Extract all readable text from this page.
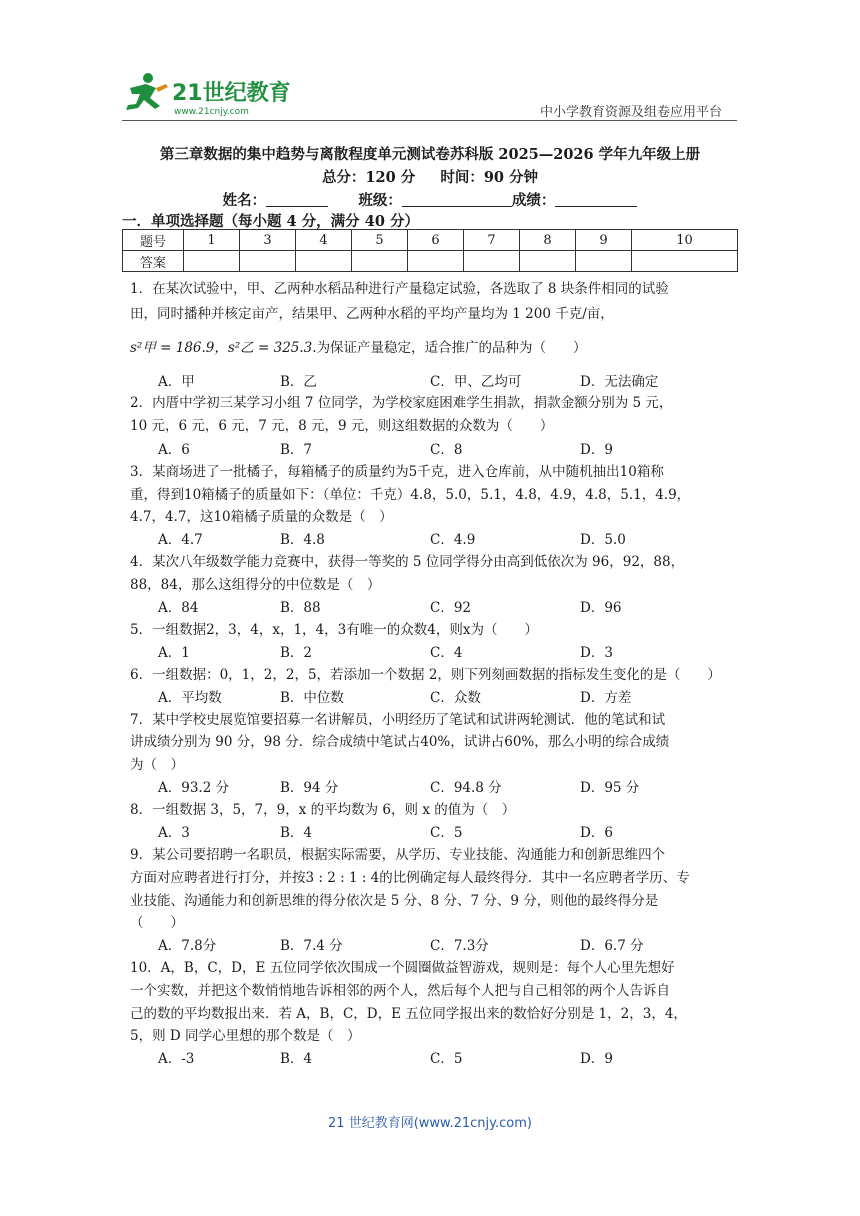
21世纪教育
www.21cnjy.com	中小学教育资源及组卷应用平台
第三章数据的集中趋势与离散程度单元测试卷苏科版 2025—2026 学年九年级上册
总分：120 分 时间：90 分钟
姓名：	班级：	成绩：
一．单项选择题（每小题 4 分，满分 40 分）
题号	1	3	4	5	6	7	8	9	10
答案									
1．在某次试验中，甲、乙两种水稻品种进行产量稳定试验，各选取了 8 块条件相同的试验
田，同时播种并核定亩产，结果甲、乙两种水稻的平均产量均为 1 200 千克/亩，
s²甲 = 186.9，s²乙 = 325.3.为保证产量稳定，适合推广的品种为（　　）
A．甲	B．乙	C．甲、乙均可	D．无法确定
2．内厝中学初三某学习小组 7 位同学，为学校家庭困难学生捐款，捐款金额分别为 5 元，
10 元，6 元，6 元，7 元，8 元，9 元，则这组数据的众数为（　　）
A．6	B．7	C．8	D．9
3．某商场进了一批橘子，每箱橘子的质量约为5千克，进入仓库前，从中随机抽出10箱称
重，得到10箱橘子的质量如下：（单位：千克）4.8，5.0，5.1，4.8，4.9，4.8，5.1，4.9，
4.7，4.7，这10箱橘子质量的众数是（　）
A．4.7	B．4.8	C．4.9	D．5.0
4．某次八年级数学能力竞赛中，获得一等奖的 5 位同学得分由高到低依次为 96，92，88，
88，84，那么这组得分的中位数是（　）
A．84	B．88	C．92	D．96
5．一组数据2，3，4，x，1，4，3有唯一的众数4，则x为（　　）
A．1	B．2	C．4	D．3
6．一组数据：0，1，2，2，5，若添加一个数据 2，则下列刻画数据的指标发生变化的是（　　）
A．平均数	B．中位数	C．众数	D．方差
7．某中学校史展览馆要招募一名讲解员，小明经历了笔试和试讲两轮测试．他的笔试和试
讲成绩分别为 90 分，98 分．综合成绩中笔试占40%，试讲占60%，那么小明的综合成绩
为（　）
A．93.2 分	B．94 分	C．94.8 分	D．95 分
8．一组数据 3，5，7，9，x 的平均数为 6，则 x 的值为（　）
A．3	B．4	C．5	D．6
9．某公司要招聘一名职员，根据实际需要，从学历、专业技能、沟通能力和创新思维四个
方面对应聘者进行打分，并按3 : 2 : 1 : 4的比例确定每人最终得分．其中一名应聘者学历、专
业技能、沟通能力和创新思维的得分依次是 5 分、8 分、7 分、9 分，则他的最终得分是
（　　）
A．7.8分	B．7.4 分	C．7.3分	D．6.7 分
10．A，B，C，D，E 五位同学依次围成一个圆圈做益智游戏，规则是：每个人心里先想好
一个实数，并把这个数悄悄地告诉相邻的两个人，然后每个人把与自己相邻的两个人告诉自
己的数的平均数报出来．若 A，B，C，D，E 五位同学报出来的数恰好分别是 1，2，3，4，
5，则 D 同学心里想的那个数是（　）
A．-3	B．4	C．5	D．9
21 世纪教育网(www.21cnjy.com)
